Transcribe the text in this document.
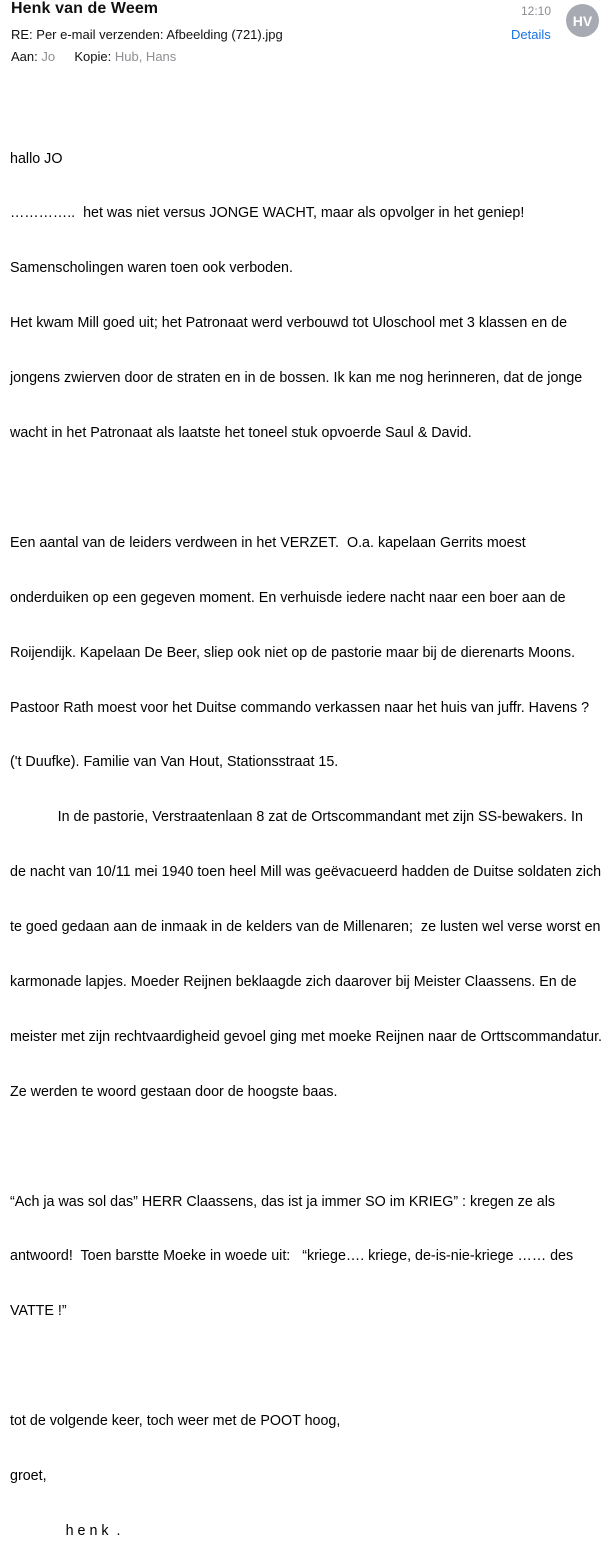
Henk van de Weem	12:10
HV
RE: Per e-mail verzenden: Afbeelding (721).jpg	Details
Aan: Jo Kopie: Hub, Hans

hallo JO

…………..  het was niet versus JONGE WACHT, maar als opvolger in het geniep!

Samenscholingen waren toen ook verboden.

Het kwam Mill goed uit; het Patronaat werd verbouwd tot Uloschool met 3 klassen en de

jongens zwierven door de straten en in de bossen. Ik kan me nog herinneren, dat de jonge

wacht in het Patronaat als laatste het toneel stuk opvoerde Saul & David.

Een aantal van de leiders verdween in het VERZET.  O.a. kapelaan Gerrits moest

onderduiken op een gegeven moment. En verhuisde iedere nacht naar een boer aan de

Roijendijk. Kapelaan De Beer, sliep ook niet op de pastorie maar bij de dierenarts Moons.

Pastoor Rath moest voor het Duitse commando verkassen naar het huis van juffr. Havens ?

('t Duufke). Familie van Van Hout, Stationsstraat 15.

In de pastorie, Verstraatenlaan 8 zat de Ortscommandant met zijn SS-bewakers. In

de nacht van 10/11 mei 1940 toen heel Mill was geëvacueerd hadden de Duitse soldaten zich

te goed gedaan aan de inmaak in de kelders van de Millenaren;  ze lusten wel verse worst en

karmonade lapjes. Moeder Reijnen beklaagde zich daarover bij Meister Claassens. En de

meister met zijn rechtvaardigheid gevoel ging met moeke Reijnen naar de Orttscommandatur.

Ze werden te woord gestaan door de hoogste baas.

“Ach ja was sol das” HERR Claassens, das ist ja immer SO im KRIEG” : kregen ze als

antwoord!  Toen barstte Moeke in woede uit:   “kriege…. kriege, de-is-nie-kriege …… des

VATTE !”

tot de volgende keer, toch weer met de POOT hoog,

groet,

h e n k  .
